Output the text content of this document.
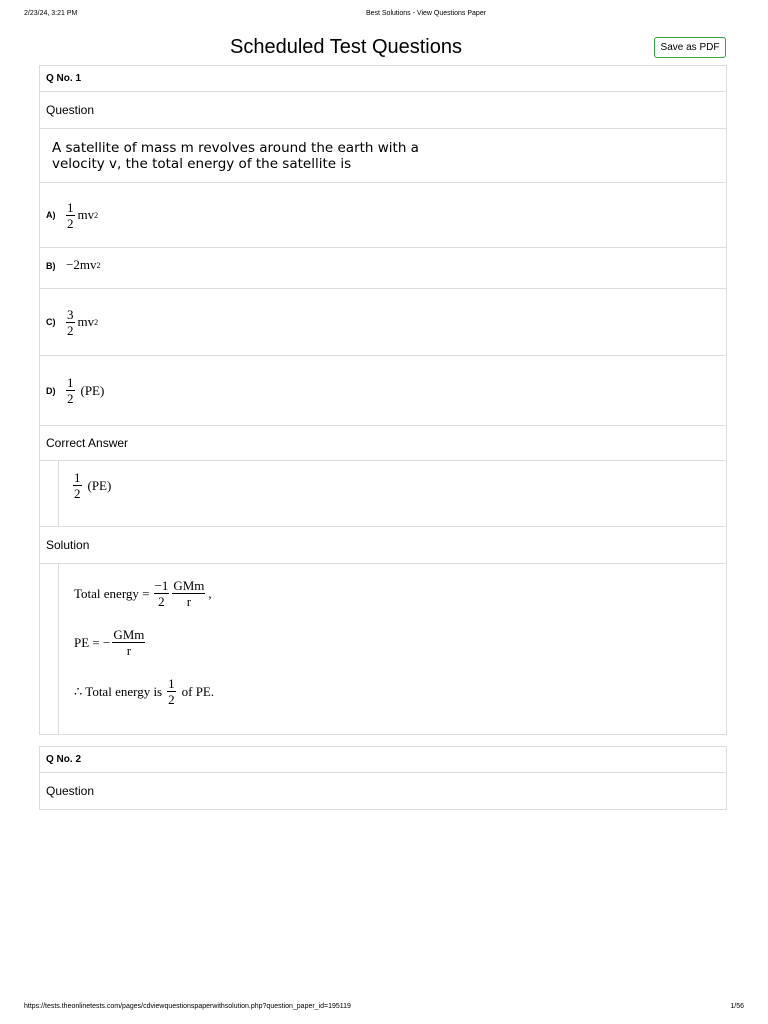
2/23/24, 3:21 PM	Best Solutions - View Questions Paper
Scheduled Test Questions	Save as PDF
Q No. 1
Question
A satellite of mass m revolves around the earth with a
velocity v, the total energy of the satellite is
$A) \frac{1}{2}$ mv 2
B) −2 mv 2
$C) \frac{3}{2}$ mv 2
$D) \frac{1}{2} (PE)$
Correct Answer
$\frac{1}{2} (PE)$
Solution
Total energy = $\frac{-1}{2} \frac{\text{GMm}}{r}$ ,
PE = − $\frac{\text{GMm}}{r}$
∴ Total energy is $\frac{1}{2}$ of PE.
Q No. 2
Question
https://tests.theonlinetests.com/pages/cdviewquestionspaperwithsolution.php?question_paper_id=195119	1/56
